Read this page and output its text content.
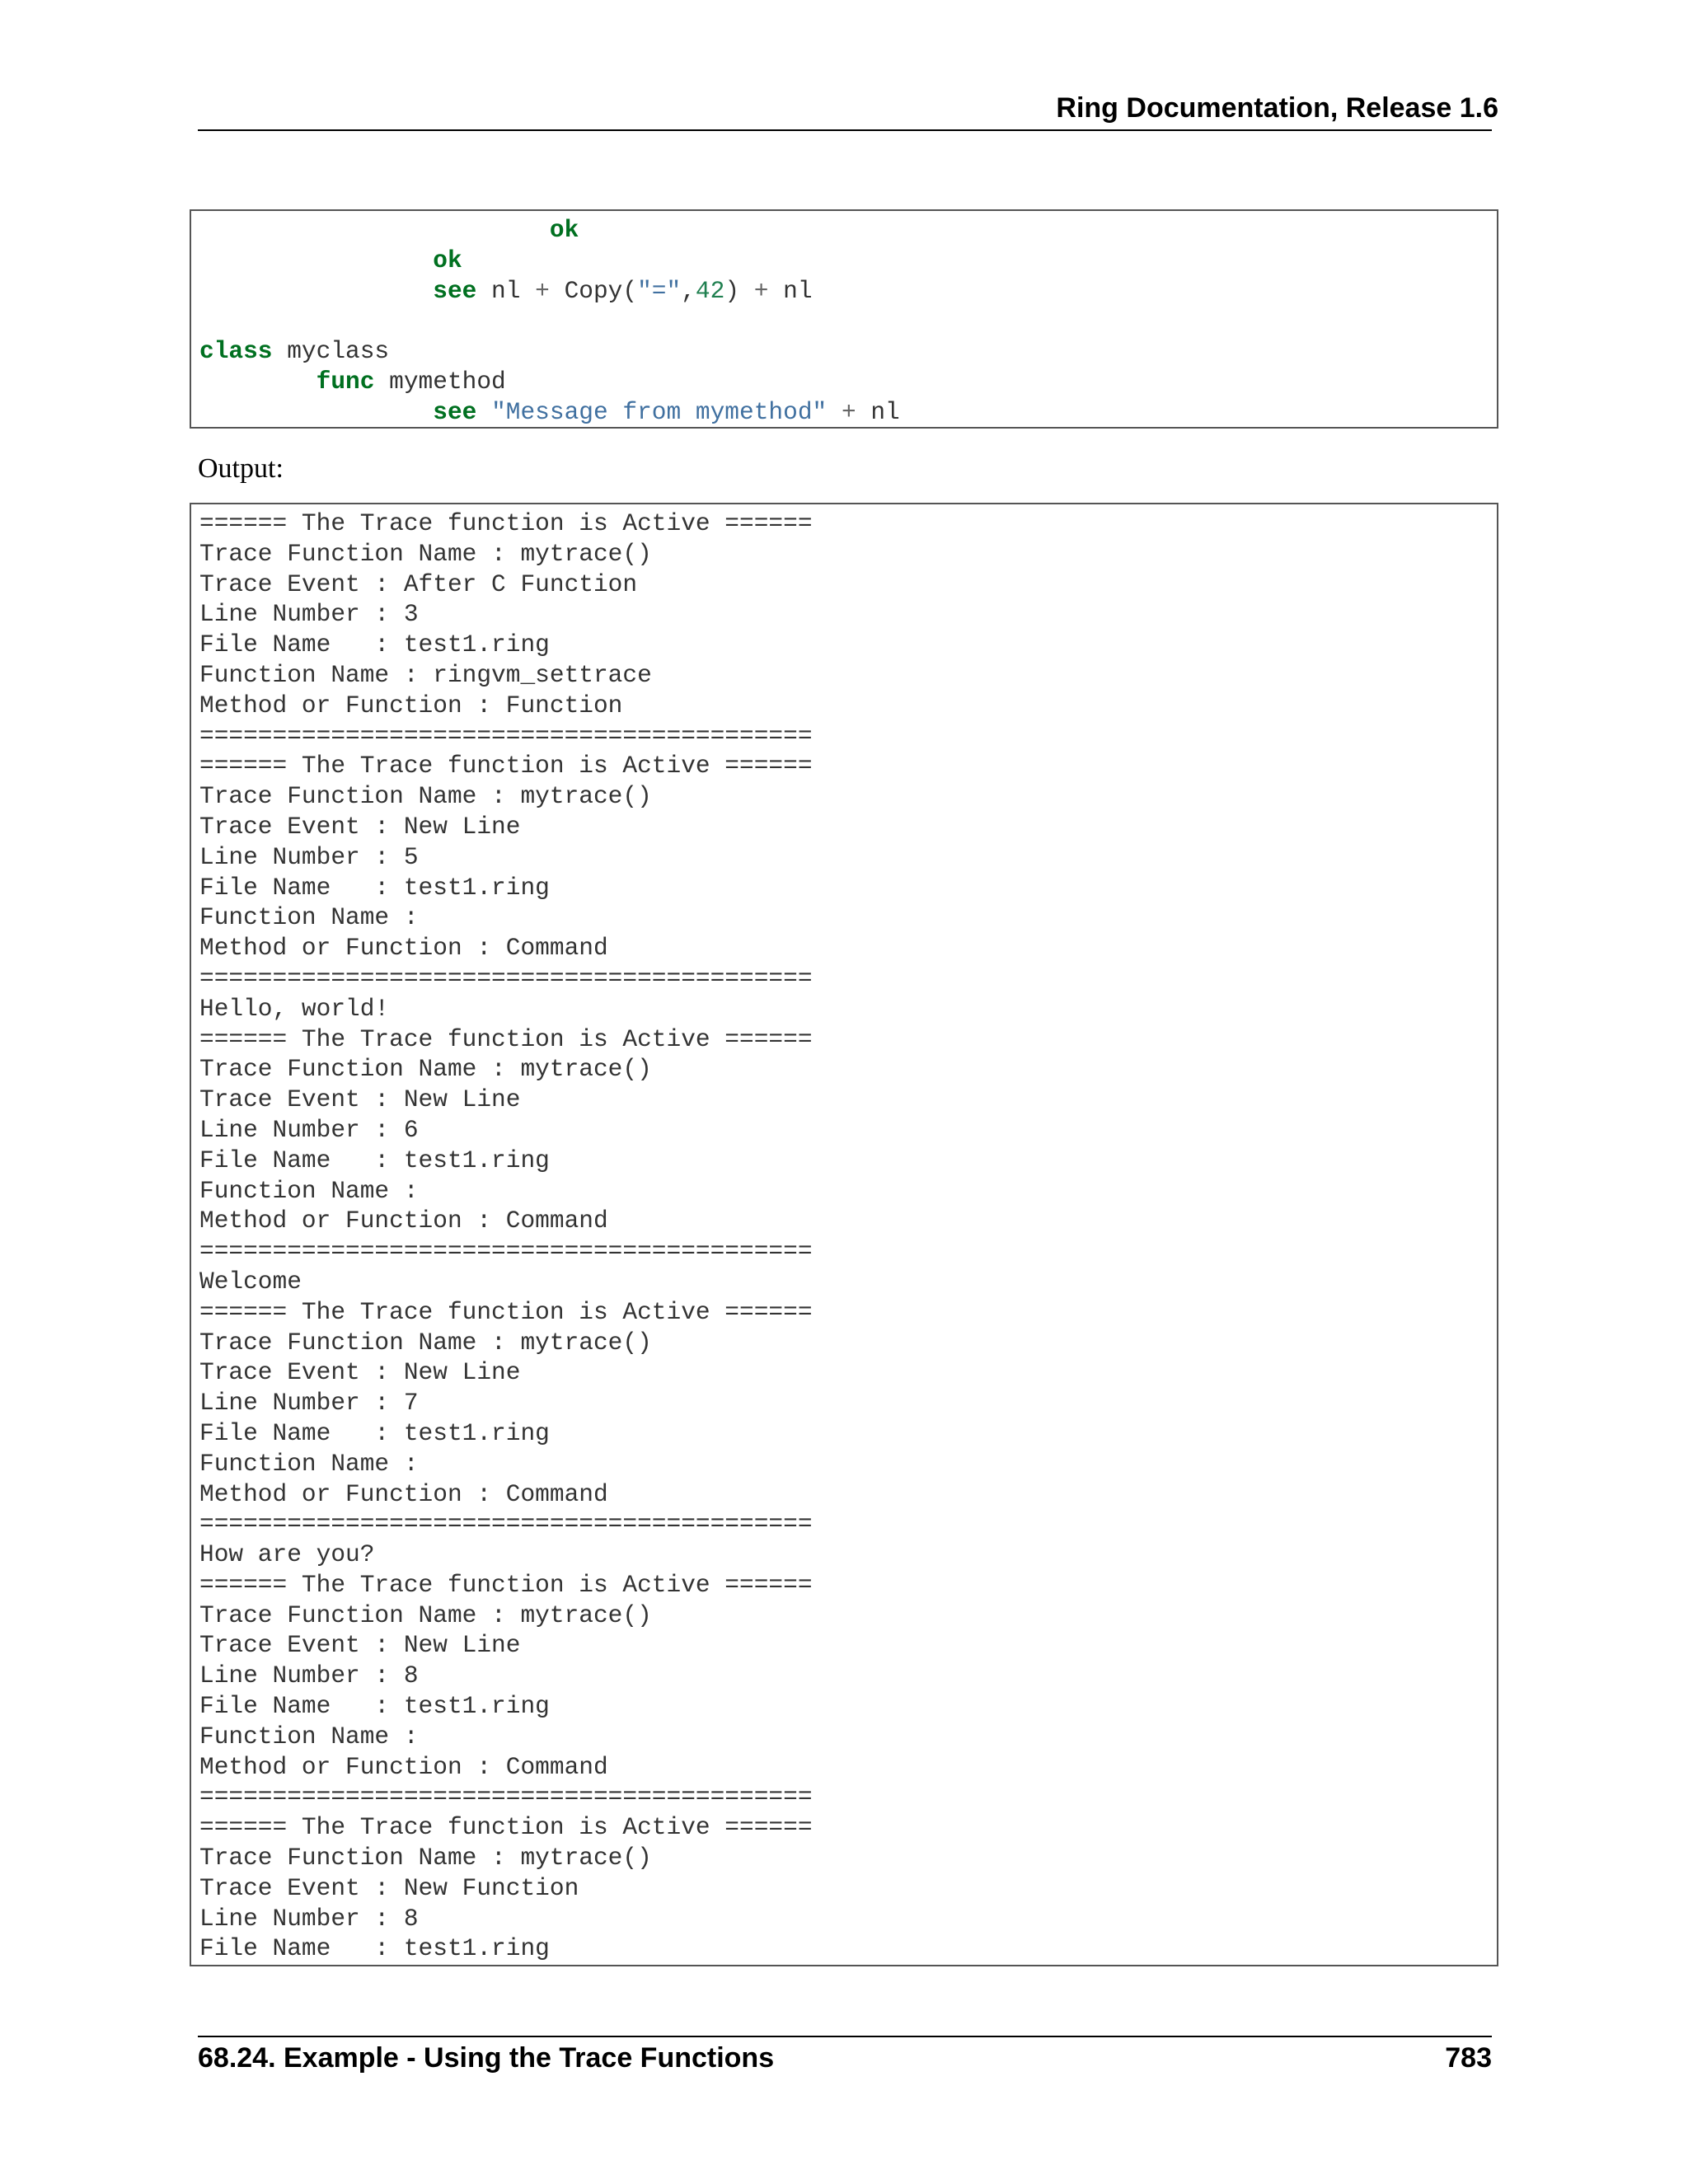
Ring Documentation, Release 1.6
ok
ok
see nl + Copy("=",42) + nl

class myclass
func mymethod
see "Message from mymethod" + nl
Output:
====== The Trace function is Active ======
Trace Function Name : mytrace()
Trace Event : After C Function
Line Number : 3
File Name   : test1.ring
Function Name : ringvm_settrace
Method or Function : Function
==========================================
====== The Trace function is Active ======
Trace Function Name : mytrace()
Trace Event : New Line
Line Number : 5
File Name   : test1.ring
Function Name :
Method or Function : Command
==========================================
Hello, world!
====== The Trace function is Active ======
Trace Function Name : mytrace()
Trace Event : New Line
Line Number : 6
File Name   : test1.ring
Function Name :
Method or Function : Command
==========================================
Welcome
====== The Trace function is Active ======
Trace Function Name : mytrace()
Trace Event : New Line
Line Number : 7
File Name   : test1.ring
Function Name :
Method or Function : Command
==========================================
How are you?
====== The Trace function is Active ======
Trace Function Name : mytrace()
Trace Event : New Line
Line Number : 8
File Name   : test1.ring
Function Name :
Method or Function : Command
==========================================
====== The Trace function is Active ======
Trace Function Name : mytrace()
Trace Event : New Function
Line Number : 8
File Name   : test1.ring
68.24. Example - Using the Trace Functions	783
